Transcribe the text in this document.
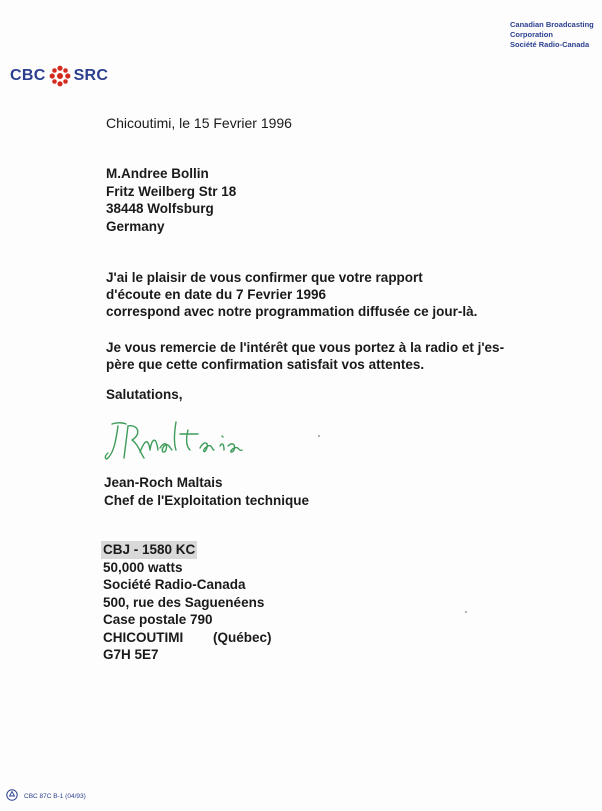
Canadian Broadcasting
Corporation
Société Radio-Canada
CBC SRC
Chicoutimi, le 15 Fevrier 1996
M.Andree Bollin
Fritz Weilberg Str 18
38448 Wolfsburg
Germany
J'ai le plaisir de vous confirmer que votre rapport
d'écoute en date du 7 Fevrier 1996
correspond avec notre programmation diffusée ce jour-là.
Je vous remercie de l'intérêt que vous portez à la radio et j'es-
père que cette confirmation satisfait vos attentes.
Salutations,
Jean-Roch Maltais
Chef de l'Exploitation technique
CBJ - 1580 KC
50,000 watts
Société Radio-Canada
500, rue des Saguenéens
Case postale 790
CHICOUTIMI (Québec)
G7H 5E7
CBC 87C B-1 (04/93)
